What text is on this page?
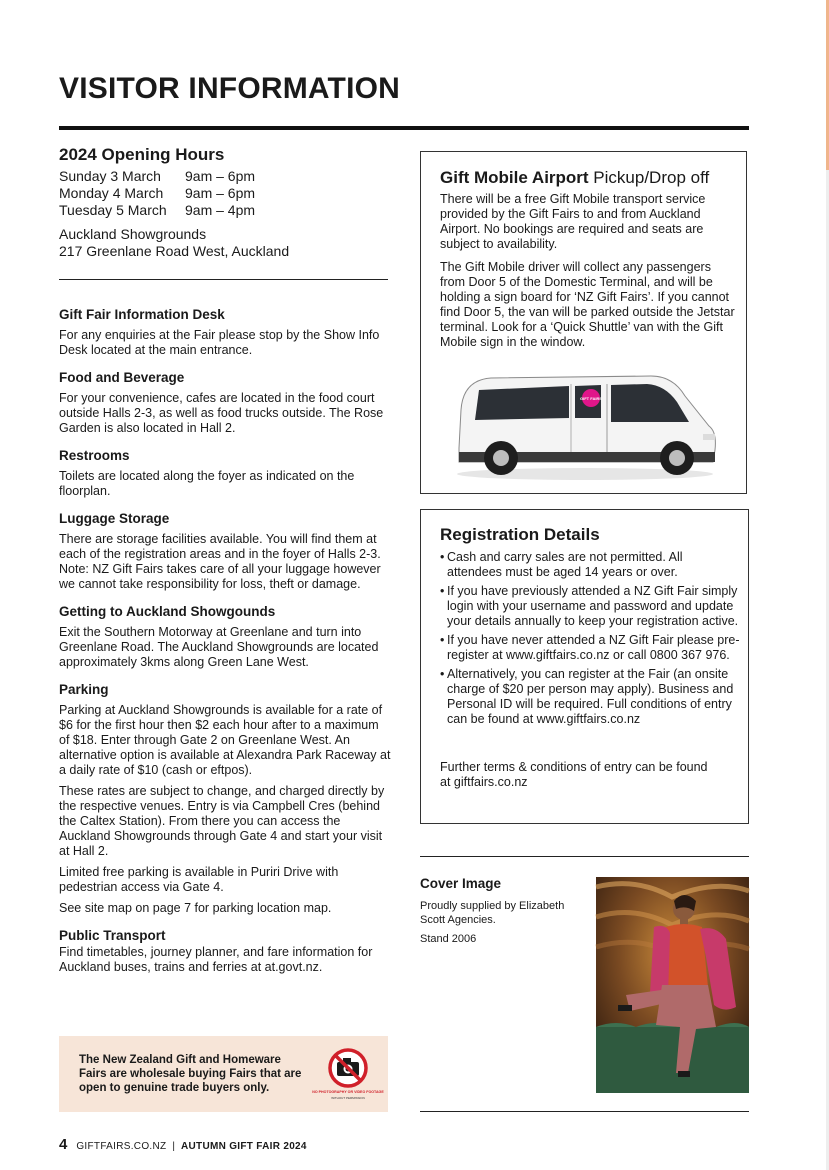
VISITOR INFORMATION
2024 Opening Hours
Sunday 3 March	9am – 6pm
Monday 4 March	9am – 6pm
Tuesday 5 March	9am – 4pm
Auckland Showgrounds
217 Greenlane Road West, Auckland
Gift Fair Information Desk
For any enquiries at the Fair please stop by the Show Info Desk located at the main entrance.
Food and Beverage
For your convenience, cafes are located in the food court outside Halls 2-3, as well as food trucks outside. The Rose Garden is also located in Hall 2.
Restrooms
Toilets are located along the foyer as indicated on the floorplan.
Luggage Storage
There are storage facilities available. You will find them at each of the registration areas and in the foyer of Halls 2-3. Note: NZ Gift Fairs takes care of all your luggage however we cannot take responsibility for loss, theft or damage.
Getting to Auckland Showgounds
Exit the Southern Motorway at Greenlane and turn into Greenlane Road. The Auckland Showgrounds are located approximately 3kms along Green Lane West.
Parking
Parking at Auckland Showgrounds is available for a rate of $6 for the first hour then $2 each hour after to a maximum of $18. Enter through Gate 2 on Greenlane West. An alternative option is available at Alexandra Park Raceway at a daily rate of $10 (cash or eftpos).
These rates are subject to change, and charged directly by the respective venues. Entry is via Campbell Cres (behind the Caltex Station). From there you can access the Auckland Showgrounds through Gate 4 and start your visit at Hall 2.
Limited free parking is available in Puriri Drive with pedestrian access via Gate 4.
See site map on page 7 for parking location map.
Public Transport
Find timetables, journey planner, and fare information for Auckland buses, trains and ferries at at.govt.nz.
Gift Mobile Airport Pickup/Drop off
There will be a free Gift Mobile transport service provided by the Gift Fairs to and from Auckland Airport. No bookings are required and seats are subject to availability.
The Gift Mobile driver will collect any passengers from Door 5 of the Domestic Terminal, and will be holding a sign board for ‘NZ Gift Fairs’. If you cannot find Door 5, the van will be parked outside the Jetstar terminal. Look for a ‘Quick Shuttle’ van with the Gift Mobile sign in the window.
GIFT FAIRS
Registration Details
• Cash and carry sales are not permitted. All attendees must be aged 14 years or over.
• If you have previously attended a NZ Gift Fair simply login with your username and password and update your details annually to keep your registration active.
• If you have never attended a NZ Gift Fair please pre-register at www.giftfairs.co.nz or call 0800 367 976.
• Alternatively, you can register at the Fair (an onsite charge of $20 per person may apply). Business and Personal ID will be required. Full conditions of entry can be found at www.giftfairs.co.nz
Further terms & conditions of entry can be found at giftfairs.co.nz
Cover Image
Proudly supplied by Elizabeth Scott Agencies.
Stand 2006
The New Zealand Gift and Homeware Fairs are wholesale buying Fairs that are open to genuine trade buyers only.	NO PHOTOGRAPHY OR VIDEO FOOTAGE
WITHOUT PERMISSION
4 GIFTFAIRS.CO.NZ | AUTUMN GIFT FAIR 2024
